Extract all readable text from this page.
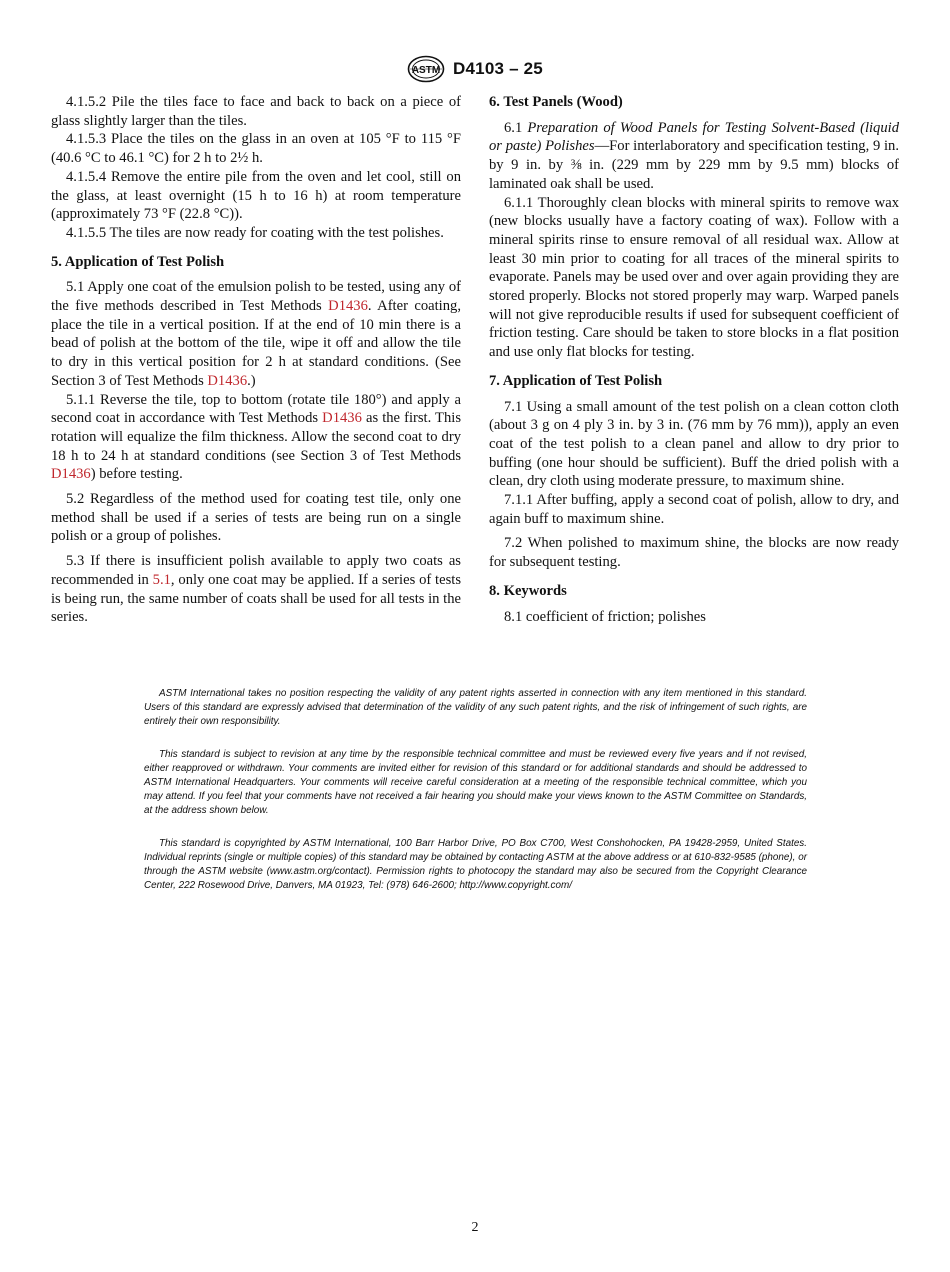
ASTM D4103 – 25

4.1.5.2 Pile the tiles face to face and back to back on a piece of glass slightly larger than the tiles.

4.1.5.3 Place the tiles on the glass in an oven at 105 °F to 115 °F (40.6 °C to 46.1 °C) for 2 h to 2½ h.

4.1.5.4 Remove the entire pile from the oven and let cool, still on the glass, at least overnight (15 h to 16 h) at room temperature (approximately 73 °F (22.8 °C)).

4.1.5.5 The tiles are now ready for coating with the test polishes.

5. Application of Test Polish

5.1 Apply one coat of the emulsion polish to be tested, using any of the five methods described in Test Methods D1436. After coating, place the tile in a vertical position. If at the end of 10 min there is a bead of polish at the bottom of the tile, wipe it off and allow the tile to dry in this vertical position for 2 h at standard conditions. (See Section 3 of Test Methods D1436.)

5.1.1 Reverse the tile, top to bottom (rotate tile 180°) and apply a second coat in accordance with Test Methods D1436 as the first. This rotation will equalize the film thickness. Allow the second coat to dry 18 h to 24 h at standard conditions (see Section 3 of Test Methods D1436) before testing.

5.2 Regardless of the method used for coating test tile, only one method shall be used if a series of tests are being run on a single polish or a group of polishes.

5.3 If there is insufficient polish available to apply two coats as recommended in 5.1, only one coat may be applied. If a series of tests is being run, the same number of coats shall be used for all tests in the series.

6. Test Panels (Wood)

6.1 Preparation of Wood Panels for Testing Solvent-Based (liquid or paste) Polishes—For interlaboratory and specification testing, 9 in. by 9 in. by ⅜ in. (229 mm by 229 mm by 9.5 mm) blocks of laminated oak shall be used.

6.1.1 Thoroughly clean blocks with mineral spirits to remove wax (new blocks usually have a factory coating of wax). Follow with a mineral spirits rinse to ensure removal of all residual wax. Allow at least 30 min prior to coating for all traces of the mineral spirits to evaporate. Panels may be used over and over again providing they are stored properly. Blocks not stored properly may warp. Warped panels will not give reproducible results if used for subsequent coefficient of friction testing. Care should be taken to store blocks in a flat position and use only flat blocks for testing.

7. Application of Test Polish

7.1 Using a small amount of the test polish on a clean cotton cloth (about 3 g on 4 ply 3 in. by 3 in. (76 mm by 76 mm)), apply an even coat of the test polish to a clean panel and allow to dry prior to buffing (one hour should be sufficient). Buff the dried polish with a clean, dry cloth using moderate pressure, to maximum shine.

7.1.1 After buffing, apply a second coat of polish, allow to dry, and again buff to maximum shine.

7.2 When polished to maximum shine, the blocks are now ready for subsequent testing.

8. Keywords

8.1 coefficient of friction; polishes

ASTM International takes no position respecting the validity of any patent rights asserted in connection with any item mentioned in this standard. Users of this standard are expressly advised that determination of the validity of any such patent rights, and the risk of infringement of such rights, are entirely their own responsibility.

This standard is subject to revision at any time by the responsible technical committee and must be reviewed every five years and if not revised, either reapproved or withdrawn. Your comments are invited either for revision of this standard or for additional standards and should be addressed to ASTM International Headquarters. Your comments will receive careful consideration at a meeting of the responsible technical committee, which you may attend. If you feel that your comments have not received a fair hearing you should make your views known to the ASTM Committee on Standards, at the address shown below.

This standard is copyrighted by ASTM International, 100 Barr Harbor Drive, PO Box C700, West Conshohocken, PA 19428-2959, United States. Individual reprints (single or multiple copies) of this standard may be obtained by contacting ASTM at the above address or at 610-832-9585 (phone), or through the ASTM website (www.astm.org/contact). Permission rights to photocopy the standard may also be secured from the Copyright Clearance Center, 222 Rosewood Drive, Danvers, MA 01923, Tel: (978) 646-2600; http://www.copyright.com/

2
